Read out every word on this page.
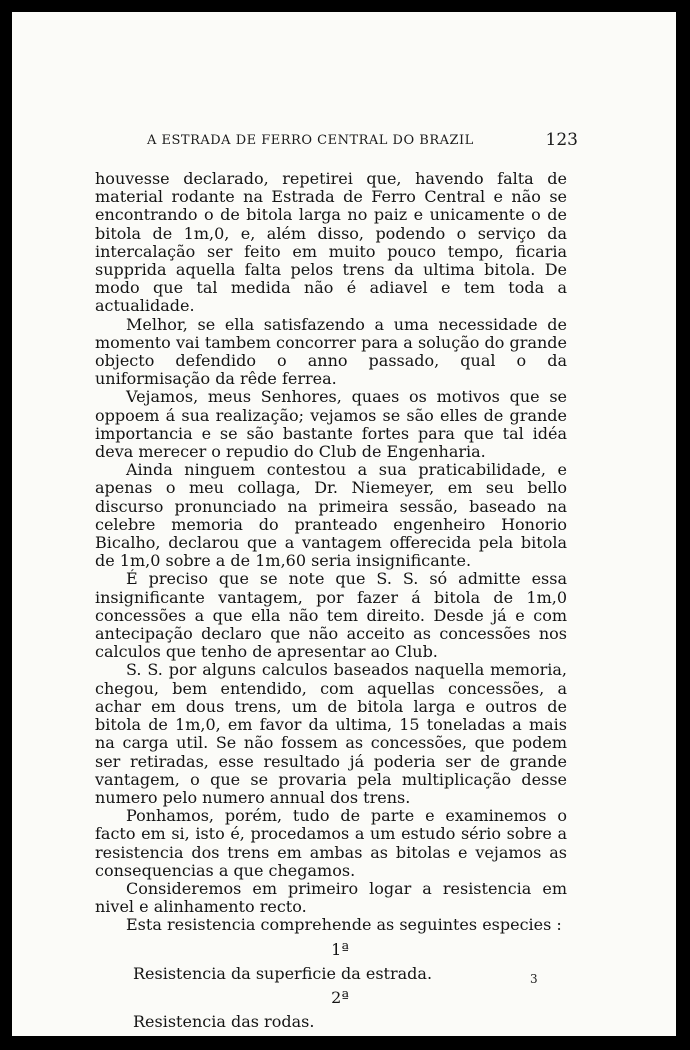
A ESTRADA DE FERRO CENTRAL DO BRAZIL	123

houvesse declarado, repetirei que, havendo falta de material rodante na Estrada de Ferro Central e não se encontrando o de bitola larga no paiz e unicamente o de bitola de 1m,0, e, além disso, podendo o serviço da intercalação ser feito em muito pouco tempo, ficaria supprida aquella falta pelos trens da ultima bitola. De modo que tal medida não é adiavel e tem toda a actualidade.

Melhor, se ella satisfazendo a uma necessidade de momento vai tambem concorrer para a solução do grande objecto defendido o anno passado, qual o da uniformisação da rêde ferrea.

Vejamos, meus Senhores, quaes os motivos que se oppoem á sua realização; vejamos se são elles de grande importancia e se são bastante fortes para que tal idéa deva merecer o repudio do Club de Engenharia.

Ainda ninguem contestou a sua praticabilidade, e apenas o meu collaga, Dr. Niemeyer, em seu bello discurso pronunciado na primeira sessão, baseado na celebre memoria do pranteado engenheiro Honorio Bicalho, declarou que a vantagem offerecida pela bitola de 1m,0 sobre a de 1m,60 seria insignificante.

É preciso que se note que S. S. só admitte essa insignificante vantagem, por fazer á bitola de 1m,0 concessões a que ella não tem direito. Desde já e com antecipação declaro que não acceito as concessões nos calculos que tenho de apresentar ao Club.

S. S. por alguns calculos baseados naquella memoria, chegou, bem entendido, com aquellas concessões, a achar em dous trens, um de bitola larga e outros de bitola de 1m,0, em favor da ultima, 15 toneladas a mais na carga util. Se não fossem as concessões, que podem ser retiradas, esse resultado já poderia ser de grande vantagem, o que se provaria pela multiplicação desse numero pelo numero annual dos trens.

Ponhamos, porém, tudo de parte e examinemos o facto em si, isto é, procedamos a um estudo sério sobre a resistencia dos trens em ambas as bitolas e vejamos as consequencias a que chegamos.

Consideremos em primeiro logar a resistencia em nivel e alinhamento recto.

Esta resistencia comprehende as seguintes especies :

1ª

Resistencia da superficie da estrada.

2ª

Resistencia das rodas.

3
